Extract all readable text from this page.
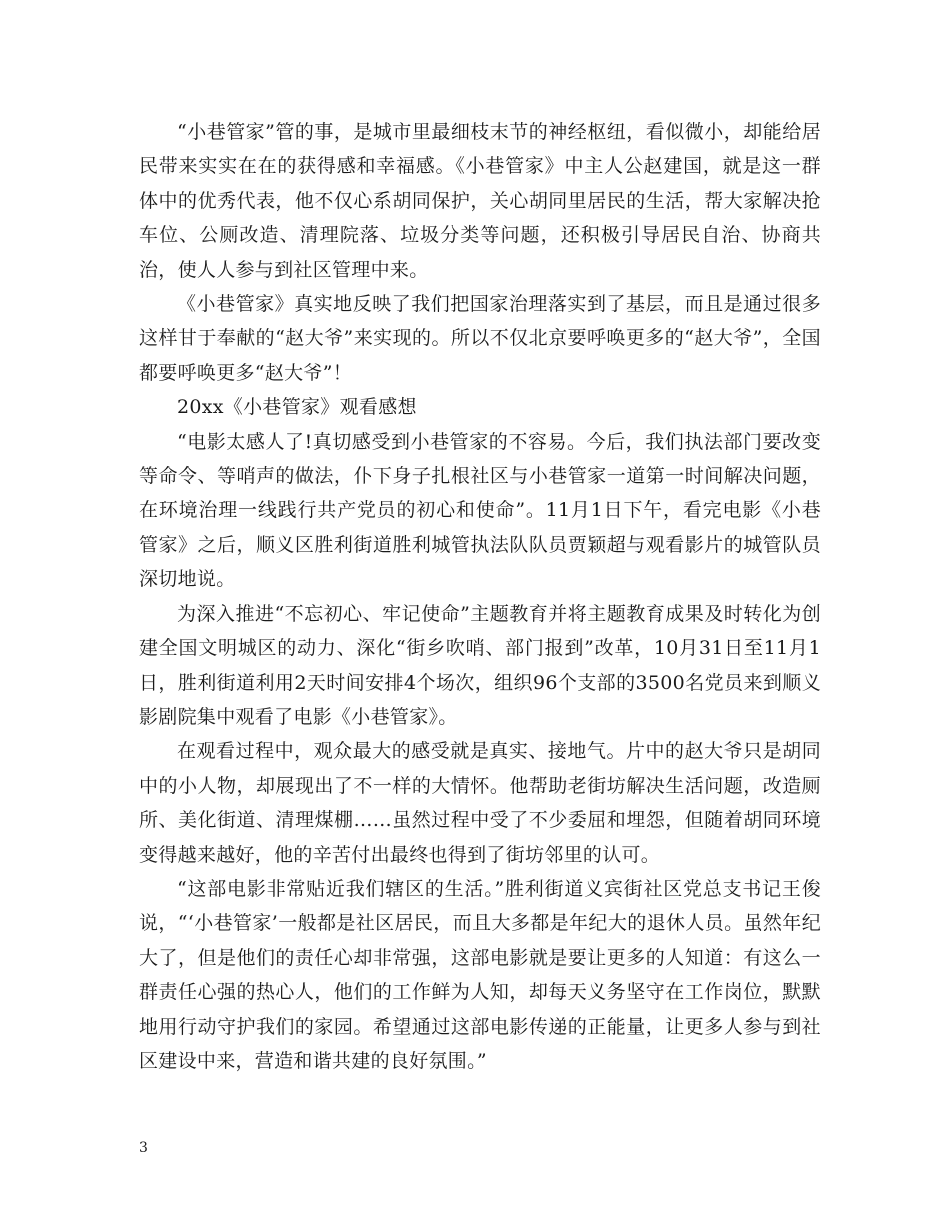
“小巷管家”管的事，是城市里最细枝末节的神经枢纽，看似微小，却能给居民带来实实在在的获得感和幸福感。《小巷管家》中主人公赵建国，就是这一群体中的优秀代表，他不仅心系胡同保护，关心胡同里居民的生活，帮大家解决抢车位、公厕改造、清理院落、垃圾分类等问题，还积极引导居民自治、协商共治，使人人参与到社区管理中来。

《小巷管家》真实地反映了我们把国家治理落实到了基层，而且是通过很多这样甘于奉献的“赵大爷”来实现的。所以不仅北京要呼唤更多的“赵大爷”，全国都要呼唤更多“赵大爷”！

20xx《小巷管家》观看感想

“电影太感人了!真切感受到小巷管家的不容易。今后，我们执法部门要改变等命令、等哨声的做法，仆下身子扎根社区与小巷管家一道第一时间解决问题，在环境治理一线践行共产党员的初心和使命”。11月1日下午，看完电影《小巷管家》之后，顺义区胜利街道胜利城管执法队队员贾颖超与观看影片的城管队员深切地说。

为深入推进“不忘初心、牢记使命”主题教育并将主题教育成果及时转化为创建全国文明城区的动力、深化“街乡吹哨、部门报到”改革，10月31日至11月1日，胜利街道利用2天时间安排4个场次，组织96个支部的3500名党员来到顺义影剧院集中观看了电影《小巷管家》。

在观看过程中，观众最大的感受就是真实、接地气。片中的赵大爷只是胡同中的小人物，却展现出了不一样的大情怀。他帮助老街坊解决生活问题，改造厕所、美化街道、清理煤棚……虽然过程中受了不少委屈和埋怨，但随着胡同环境变得越来越好，他的辛苦付出最终也得到了街坊邻里的认可。

“这部电影非常贴近我们辖区的生活。”胜利街道义宾街社区党总支书记王俊说，“‘小巷管家’一般都是社区居民，而且大多都是年纪大的退休人员。虽然年纪大了，但是他们的责任心却非常强，这部电影就是要让更多的人知道：有这么一群责任心强的热心人，他们的工作鲜为人知，却每天义务坚守在工作岗位，默默地用行动守护我们的家园。希望通过这部电影传递的正能量，让更多人参与到社区建设中来，营造和谐共建的良好氛围。”

3
